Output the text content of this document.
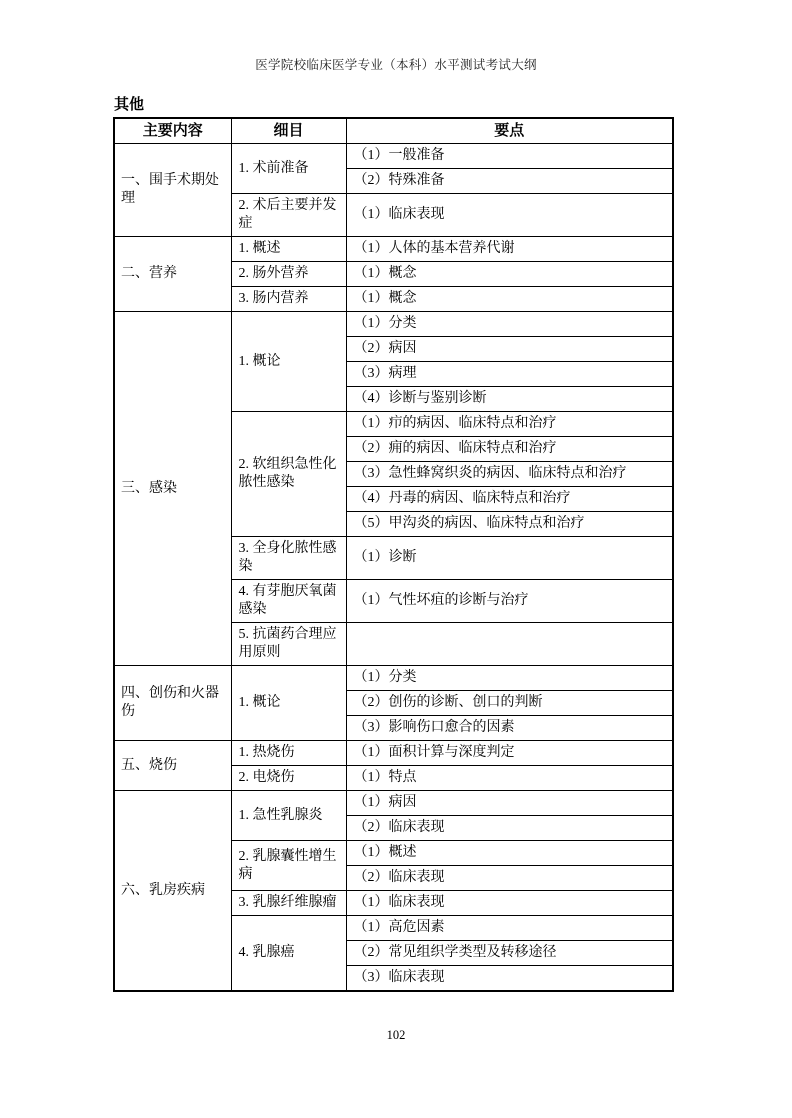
医学院校临床医学专业（本科）水平测试考试大纲
其他
主要内容	细目	要点
一、围手术期处理	1. 术前准备	（1）一般准备
		（2）特殊准备
	2. 术后主要并发症	（1）临床表现
二、营养	1. 概述	（1）人体的基本营养代谢
	2. 肠外营养	（1）概念
	3. 肠内营养	（1）概念
三、感染	1. 概论	（1）分类
		（2）病因
		（3）病理
		（4）诊断与鉴别诊断
	2. 软组织急性化脓性感染	（1）疖的病因、临床特点和治疗
		（2）痈的病因、临床特点和治疗
		（3）急性蜂窝织炎的病因、临床特点和治疗
		（4）丹毒的病因、临床特点和治疗
		（5）甲沟炎的病因、临床特点和治疗
	3. 全身化脓性感染	（1）诊断
	4. 有芽胞厌氧菌感染	（1）气性坏疽的诊断与治疗
	5. 抗菌药合理应用原则	
四、创伤和火器伤	1. 概论	（1）分类
		（2）创伤的诊断、创口的判断
		（3）影响伤口愈合的因素
五、烧伤	1. 热烧伤	（1）面积计算与深度判定
	2. 电烧伤	（1）特点
六、乳房疾病	1. 急性乳腺炎	（1）病因
		（2）临床表现
	2. 乳腺囊性增生病	（1）概述
		（2）临床表现
	3. 乳腺纤维腺瘤	（1）临床表现
	4. 乳腺癌	（1）高危因素
		（2）常见组织学类型及转移途径
		（3）临床表现
102
